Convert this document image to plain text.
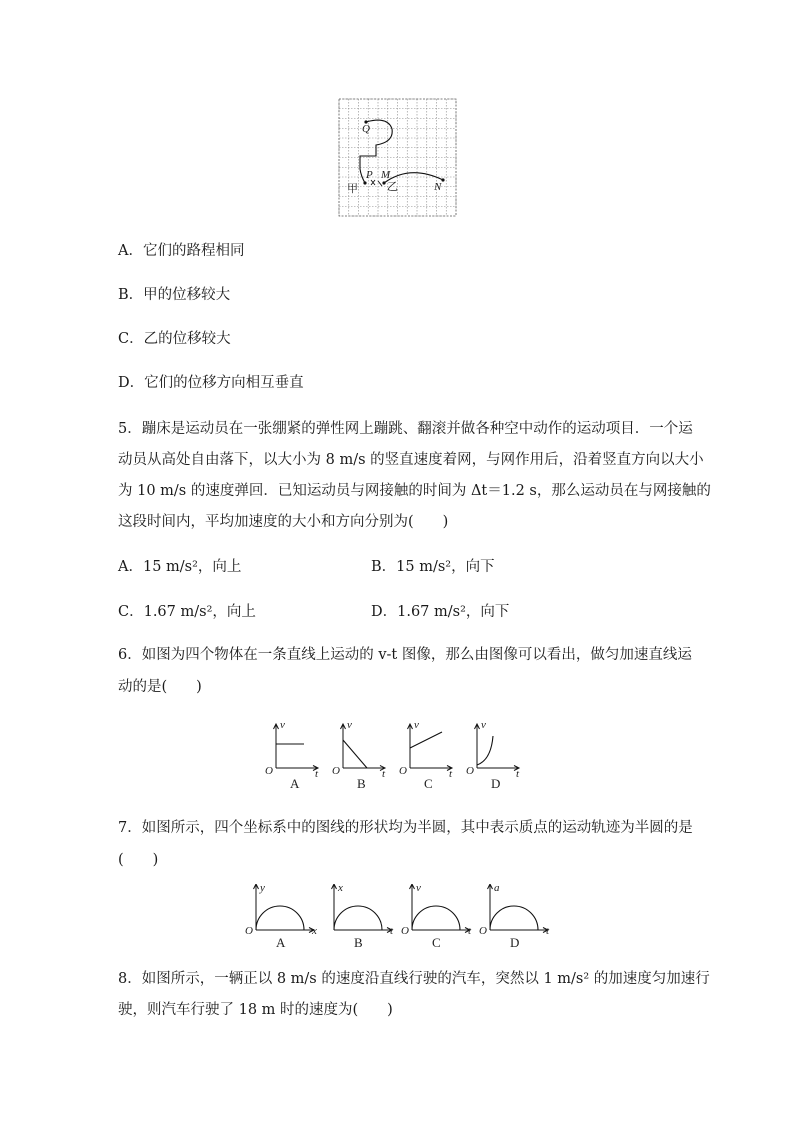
Q
P M
N
甲	乙
A．它们的路程相同
B．甲的位移较大
C．乙的位移较大
D．它们的位移方向相互垂直
5．蹦床是运动员在一张绷紧的弹性网上蹦跳、翻滚并做各种空中动作的运动项目．一个运
动员从高处自由落下，以大小为 8 m/s 的竖直速度着网，与网作用后，沿着竖直方向以大小
为 10 m/s 的速度弹回．已知运动员与网接触的时间为 Δt＝1.2 s，那么运动员在与网接触的
这段时间内，平均加速度的大小和方向分别为(　　)
A．15 m/s²，向上	B．15 m/s²，向下
C．1.67 m/s²，向上	D．1.67 m/s²，向下
6．如图为四个物体在一条直线上运动的 v-t 图像，那么由图像可以看出，做匀加速直线运
动的是(　　)
O
v
t
A
O
v
t
B
O
v
t
C
O
v
t
D
7．如图所示，四个坐标系中的图线的形状均为半圆，其中表示质点的运动轨迹为半圆的是
(　　)
O
y
x
A
x
t
B
O
v
t
C
O
a
t
D
8．如图所示，一辆正以 8 m/s 的速度沿直线行驶的汽车，突然以 1 m/s² 的加速度匀加速行
驶，则汽车行驶了 18 m 时的速度为(　　)
